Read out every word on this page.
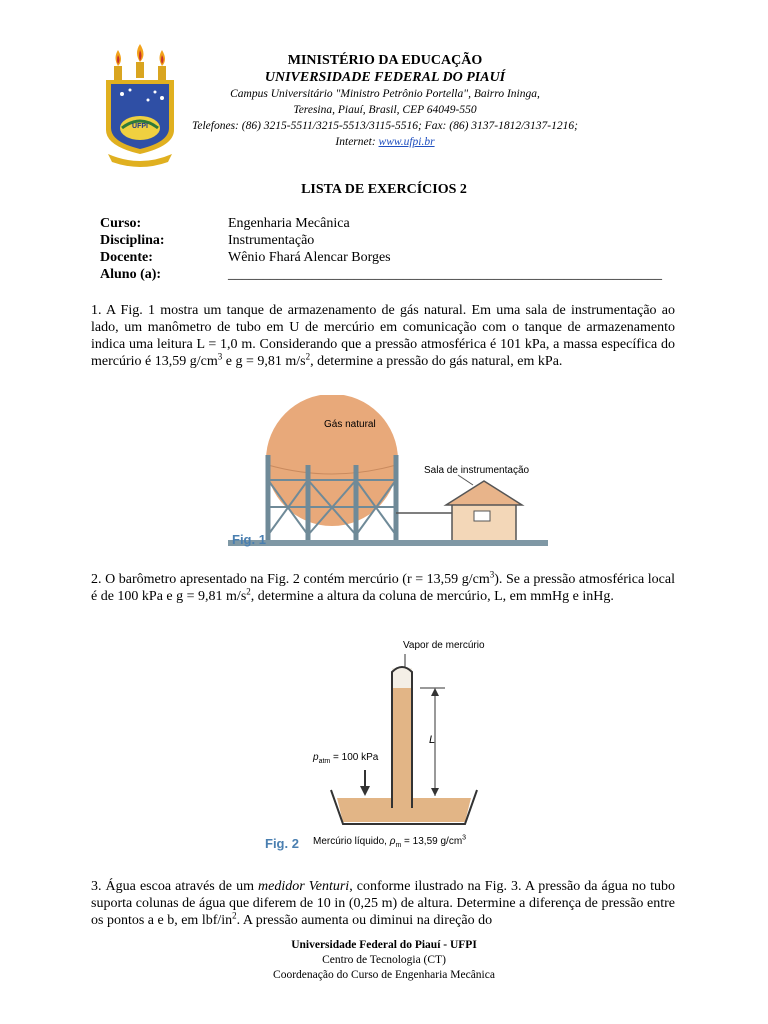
UFPI
MINISTÉRIO DA EDUCAÇÃO
UNIVERSIDADE FEDERAL DO PIAUÍ
Campus Universitário "Ministro Petrônio Portella", Bairro Ininga,
Teresina, Piauí, Brasil, CEP 64049-550
Telefones: (86) 3215-5511/3215-5513/3115-5516; Fax: (86) 3137-1812/3137-1216;
Internet: www.ufpi.br
LISTA DE EXERCÍCIOS 2
Curso:	Engenharia Mecânica
Disciplina:	Instrumentação
Docente:	Wênio Fhará Alencar Borges
Aluno (a):	______________________________________________________________
1. A Fig. 1 mostra um tanque de armazenamento de gás natural. Em uma sala de instrumentação ao lado, um manômetro de tubo em U de mercúrio em comunicação com o tanque de armazenamento indica uma leitura L = 1,0 m. Considerando que a pressão atmosférica é 101 kPa, a massa específica do mercúrio é 13,59 $g/cm^3$ e g = 9,81 $m/s^2$, determine a pressão do gás natural, em kPa.
Gás natural
Sala de instrumentação
Fig. 1
2. O barômetro apresentado na Fig. 2 contém mercúrio (r = 13,59 $g/cm^3$). Se a pressão atmosférica local é de 100 kPa e g = 9,81 $m/s^2$, determine a altura da coluna de mercúrio, L, em mmHg e inHg.
Vapor de mercúrio
L
$p_{atm} = 100$ kPa
Fig. 2 Mercúrio líquido, $\rho_m = 13,59$ $g/cm^3$
3. Água escoa através de um medidor Venturi, conforme ilustrado na Fig. 3. A pressão da água no tubo suporta colunas de água que diferem de 10 in (0,25 m) de altura. Determine a diferença de pressão entre os pontos a e b, em lbf/$in^2$. A pressão aumenta ou diminui na direção do
Universidade Federal do Piauí - UFPI
Centro de Tecnologia (CT)
Coordenação do Curso de Engenharia Mecânica
